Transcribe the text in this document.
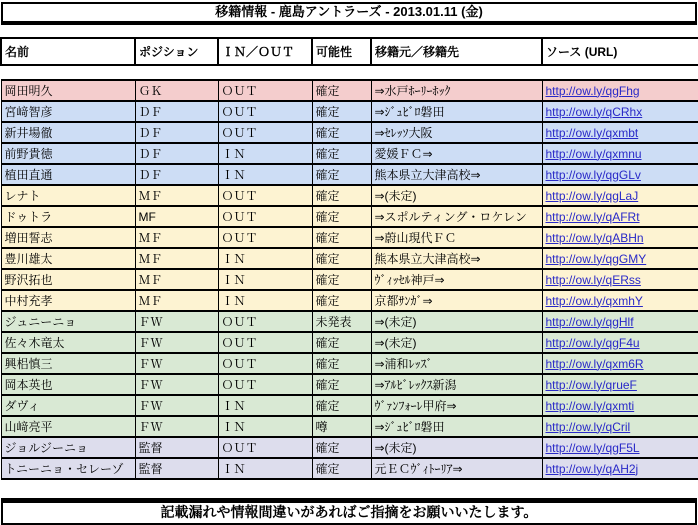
移籍情報 - 鹿島アントラーズ - 2013.01.11 (金)
名前	ポジション	ＩＮ／ＯＵＴ	可能性	移籍元／移籍先	ソース (URL)

岡田明久	ＧＫ	ＯＵＴ	確定	⇒水戸ﾎｰﾘｰﾎｯｸ	http://ow.ly/qgFhg
宮﨑智彦	ＤＦ	ＯＵＴ	確定	⇒ｼﾞｭﾋﾞﾛ磐田	http://ow.ly/qCRhx
新井場徹	ＤＦ	ＯＵＴ	確定	⇒ｾﾚｯｿ大阪	http://ow.ly/qxmbt
前野貴徳	ＤＦ	ＩＮ	確定	愛媛ＦＣ⇒	http://ow.ly/qxmnu
植田直通	ＤＦ	ＩＮ	確定	熊本県立大津高校⇒	http://ow.ly/qgGLv
レナト	ＭＦ	ＯＵＴ	確定	⇒(未定)	http://ow.ly/qgLaJ
ドゥトラ	MF	ＯＵＴ	確定	⇒スポルティング・ロケレン	http://ow.ly/qAFRt
増田誓志	ＭＦ	ＯＵＴ	確定	⇒蔚山現代ＦＣ	http://ow.ly/qABHn
豊川雄太	ＭＦ	ＩＮ	確定	熊本県立大津高校⇒	http://ow.ly/qgGMY
野沢拓也	ＭＦ	ＩＮ	確定	ｳﾞｨｯｾﾙ神戸⇒	http://ow.ly/qERss
中村充孝	ＭＦ	ＩＮ	確定	京都ｻﾝｶﾞ⇒	http://ow.ly/qxmhY
ジュニーニョ	ＦＷ	ＯＵＴ	未発表	⇒(未定)	http://ow.ly/qgHlf
佐々木竜太	ＦＷ	ＯＵＴ	確定	⇒(未定)	http://ow.ly/qgF4u
興梠慎三	ＦＷ	ＯＵＴ	確定	⇒浦和ﾚｯｽﾞ	http://ow.ly/qxm6R
岡本英也	ＦＷ	ＯＵＴ	確定	⇒ｱﾙﾋﾞﾚｯｸｽ新潟	http://ow.ly/qrueF
ダヴィ	ＦＷ	ＩＮ	確定	ｳﾞｧﾝﾌｫｰﾚ甲府⇒	http://ow.ly/qxmti
山﨑亮平	ＦＷ	ＩＮ	噂	⇒ｼﾞｭﾋﾞﾛ磐田	http://ow.ly/qCril
ジョルジーニョ	監督	ＯＵＴ	確定	⇒(未定)	http://ow.ly/qgF5L
トニーニョ・セレーゾ	監督	ＩＮ	確定	元ＥＣｳﾞｨﾄｰﾘｱ⇒	http://ow.ly/qAH2j
記載漏れや情報間違いがあればご指摘をお願いいたします。
